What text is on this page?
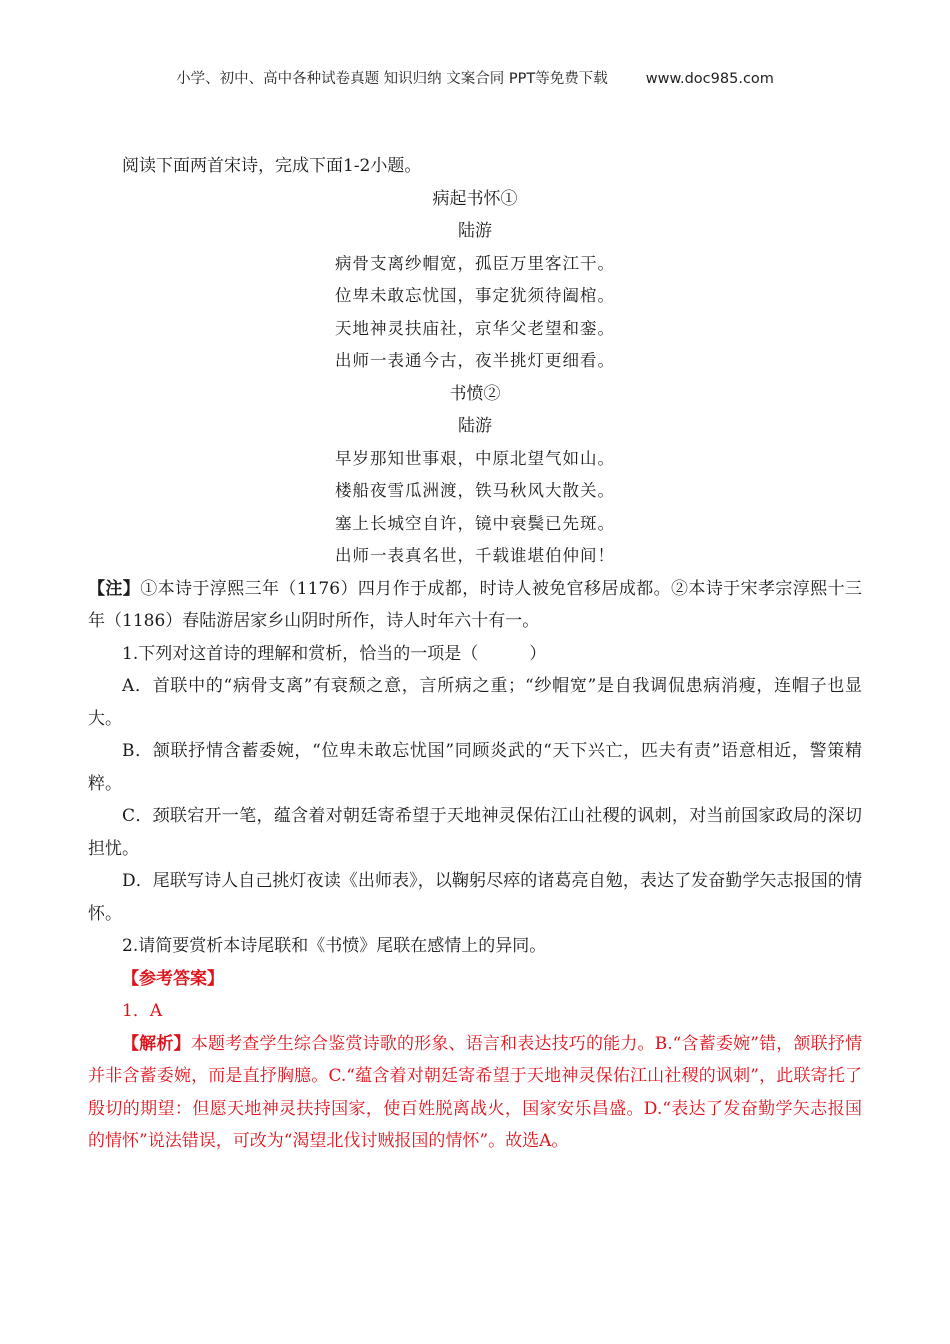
小学、初中、高中各种试卷真题 知识归纳 文案合同 PPT等免费下载	www.doc985.com

阅读下面两首宋诗，完成下面1-2小题。

病起书怀①

陆游

病骨支离纱帽宽，孤臣万里客江干。

位卑未敢忘忧国，事定犹须待阖棺。

天地神灵扶庙社，京华父老望和銮。

出师一表通今古，夜半挑灯更细看。

书愤②

陆游

早岁那知世事艰，中原北望气如山。

楼船夜雪瓜洲渡，铁马秋风大散关。

塞上长城空自许，镜中衰鬓已先斑。

出师一表真名世，千载谁堪伯仲间！

【注】①本诗于淳熙三年（1176）四月作于成都，时诗人被免官移居成都。②本诗于宋孝宗淳熙十三年（1186）春陆游居家乡山阴时所作，诗人时年六十有一。

1.下列对这首诗的理解和赏析，恰当的一项是（　　　）

A．首联中的“病骨支离”有衰颓之意，言所病之重；“纱帽宽”是自我调侃患病消瘦，连帽子也显大。

B．颔联抒情含蓄委婉，“位卑未敢忘忧国”同顾炎武的“天下兴亡，匹夫有责”语意相近，警策精粹。

C．颈联宕开一笔，蕴含着对朝廷寄希望于天地神灵保佑江山社稷的讽刺，对当前国家政局的深切担忧。

D．尾联写诗人自己挑灯夜读《出师表》，以鞠躬尽瘁的诸葛亮自勉，表达了发奋勤学矢志报国的情怀。

2.请简要赏析本诗尾联和《书愤》尾联在感情上的异同。

【参考答案】

1．A

【解析】本题考查学生综合鉴赏诗歌的形象、语言和表达技巧的能力。B.“含蓄委婉”错，颔联抒情并非含蓄委婉，而是直抒胸臆。C.“蕴含着对朝廷寄希望于天地神灵保佑江山社稷的讽刺”，此联寄托了殷切的期望：但愿天地神灵扶持国家，使百姓脱离战火，国家安乐昌盛。D.“表达了发奋勤学矢志报国的情怀”说法错误，可改为“渴望北伐讨贼报国的情怀”。故选A。
